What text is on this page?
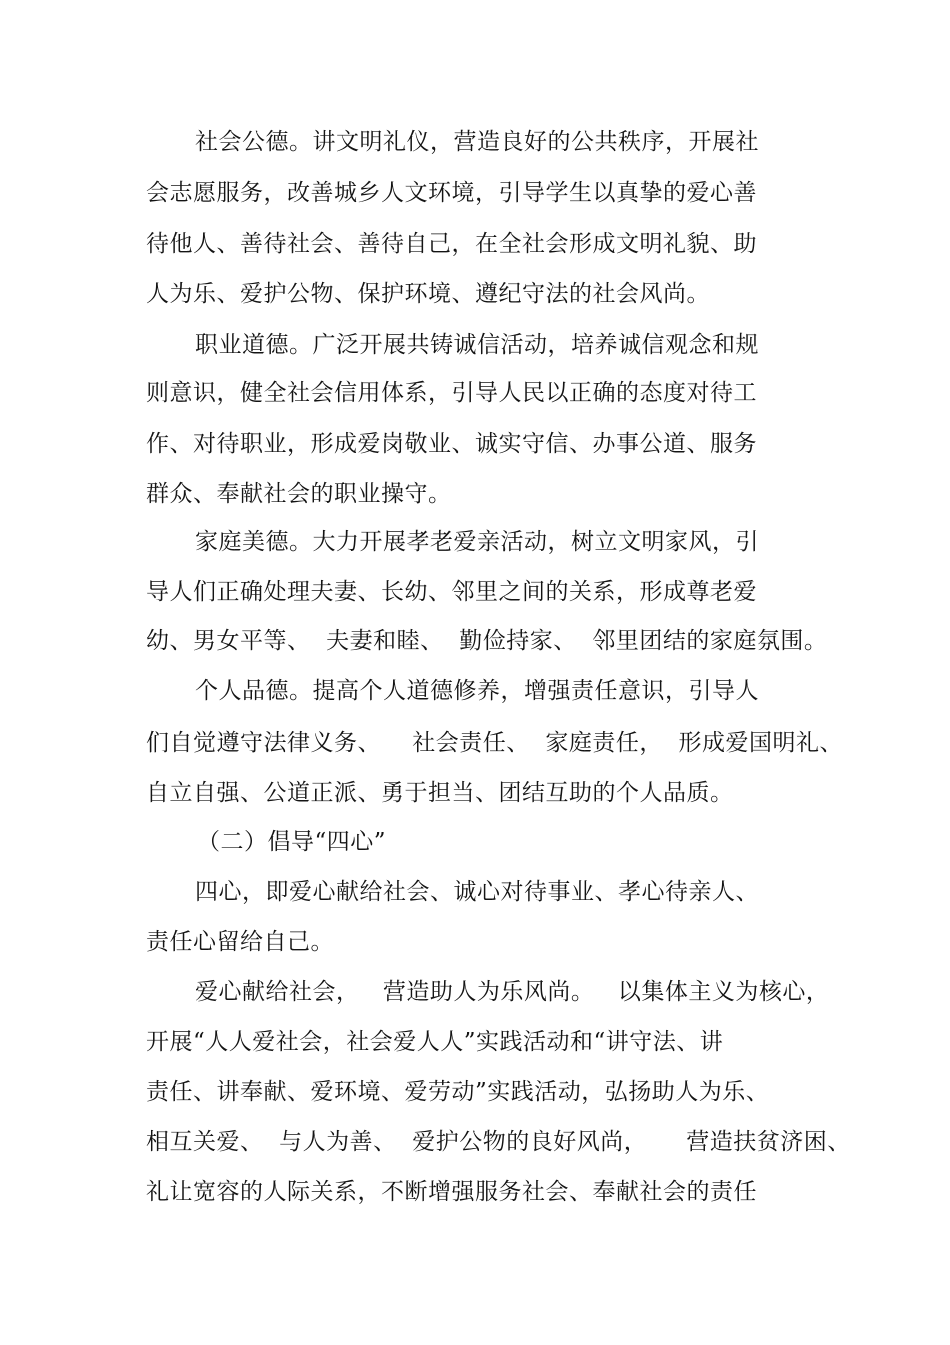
社会公德。讲文明礼仪，营造良好的公共秩序，开展社
会志愿服务，改善城乡人文环境，引导学生以真挚的爱心善
待他人、善待社会、善待自己，在全社会形成文明礼貌、助
人为乐、爱护公物、保护环境、遵纪守法的社会风尚。
职业道德。广泛开展共铸诚信活动，培养诚信观念和规
则意识，健全社会信用体系，引导人民以正确的态度对待工
作、对待职业，形成爱岗敬业、诚实守信、办事公道、服务
群众、奉献社会的职业操守。
家庭美德。大力开展孝老爱亲活动，树立文明家风，引
导人们正确处理夫妻、长幼、邻里之间的关系，形成尊老爱
幼、男女平等、  夫妻和睦、  勤俭持家、  邻里团结的家庭氛围。
个人品德。提高个人道德修养，增强责任意识，引导人
们自觉遵守法律义务、    社会责任、  家庭责任，  形成爱国明礼、
自立自强、公道正派、勇于担当、团结互助的个人品质。
（二）倡导“四心”
四心，即爱心献给社会、诚心对待事业、孝心待亲人、
责任心留给自己。
爱心献给社会，   营造助人为乐风尚。   以集体主义为核心，
开展“人人爱社会，社会爱人人”实践活动和“讲守法、讲
责任、讲奉献、爱环境、爱劳动”实践活动，弘扬助人为乐、
相互关爱、  与人为善、  爱护公物的良好风尚，     营造扶贫济困、
礼让宽容的人际关系，不断增强服务社会、奉献社会的责任
